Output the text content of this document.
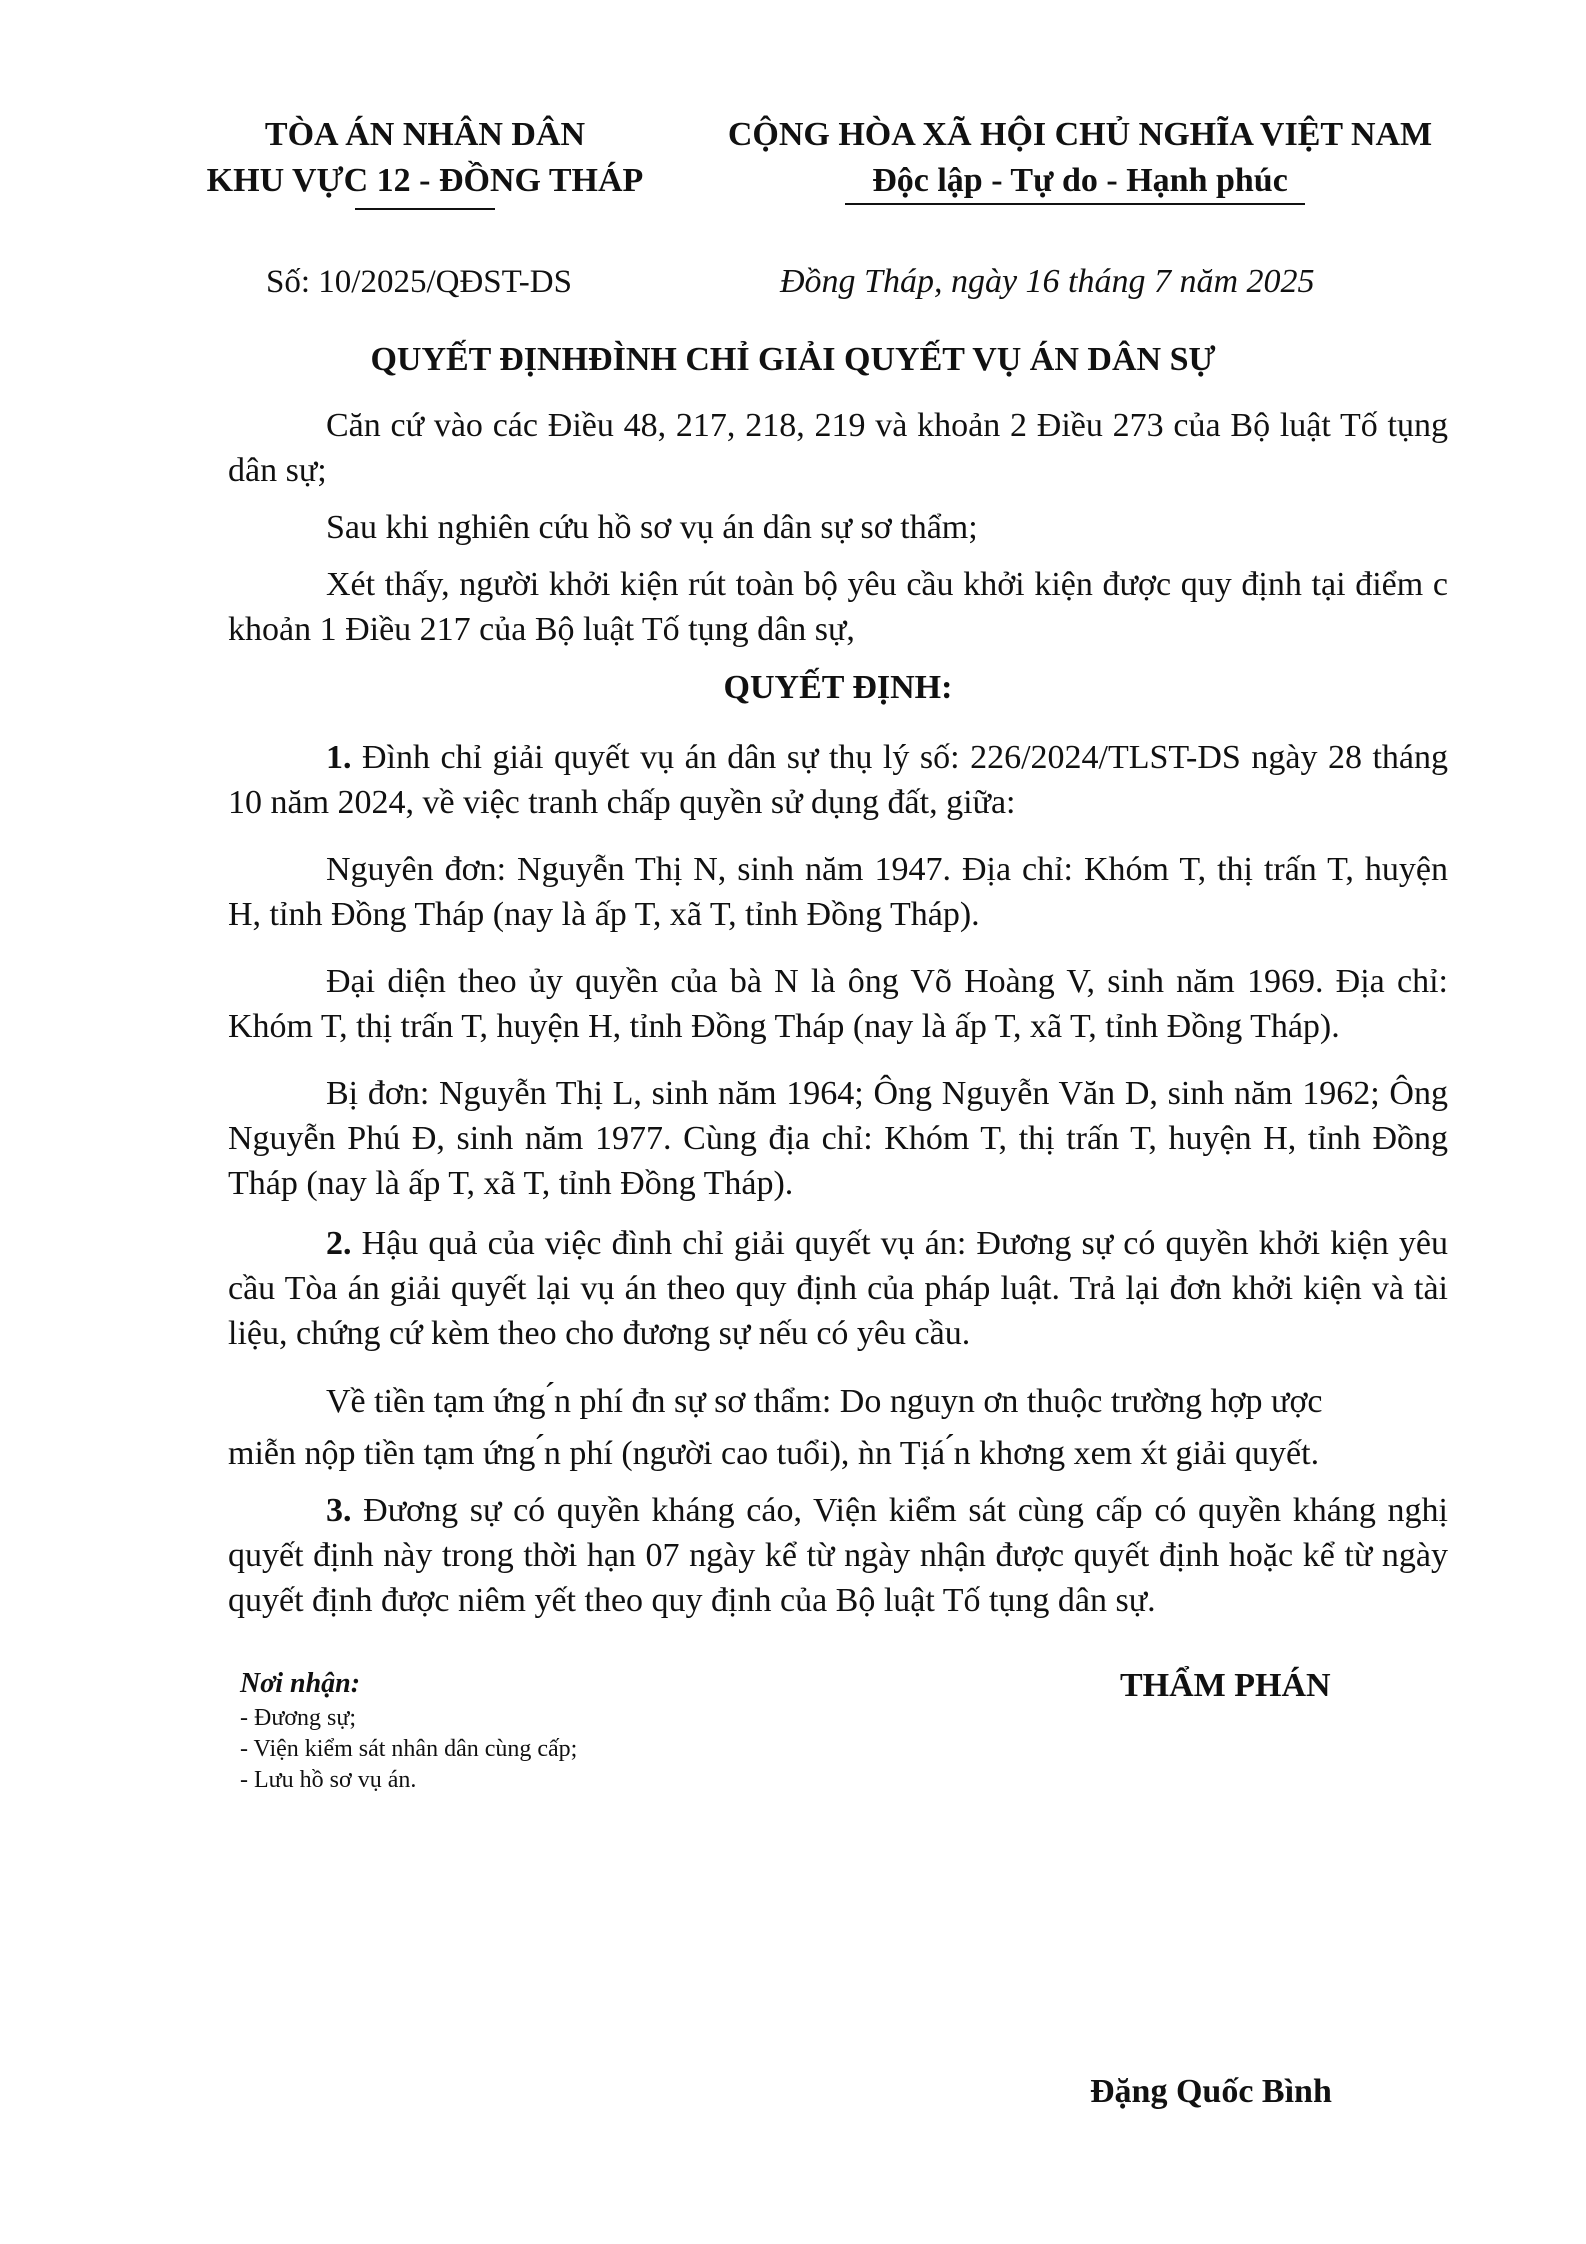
TÒA ÁN NHÂN DÂN
KHU VỰC 12 - ĐỒNG THÁP
CỘNG HÒA XÃ HỘI CHỦ NGHĨA VIỆT NAM
Độc lập - Tự do - Hạnh phúc
Số: 10/2025/QĐST-DS	Đồng Tháp, ngày 16 tháng 7 năm 2025
QUYẾT ĐỊNHĐÌNH CHỈ GIẢI QUYẾT VỤ ÁN DÂN SỰ
Căn cứ vào các Điều 48, 217, 218, 219 và khoản 2 Điều 273 của Bộ luật Tố tụng dân sự;
Sau khi nghiên cứu hồ sơ vụ án dân sự sơ thẩm;
Xét thấy, người khởi kiện rút toàn bộ yêu cầu khởi kiện được quy định tại điểm c khoản 1 Điều 217 của Bộ luật Tố tụng dân sự,
QUYẾT ĐỊNH:
1. Đình chỉ giải quyết vụ án dân sự thụ lý số: 226/2024/TLST-DS ngày 28 tháng 10 năm 2024, về việc tranh chấp quyền sử dụng đất, giữa:
Nguyên đơn: Nguyễn Thị N, sinh năm 1947. Địa chỉ: Khóm T, thị trấn T, huyện H, tỉnh Đồng Tháp (nay là ấp T, xã T, tỉnh Đồng Tháp).
Đại diện theo ủy quyền của bà N là ông Võ Hoàng V, sinh năm 1969. Địa chỉ: Khóm T, thị trấn T, huyện H, tỉnh Đồng Tháp (nay là ấp T, xã T, tỉnh Đồng Tháp).
Bị đơn: Nguyễn Thị L, sinh năm 1964; Ông Nguyễn Văn D, sinh năm 1962; Ông Nguyễn Phú Đ, sinh năm 1977. Cùng địa chỉ: Khóm T, thị trấn T, huyện H, tỉnh Đồng Tháp (nay là ấp T, xã T, tỉnh Đồng Tháp).
2. Hậu quả của việc đình chỉ giải quyết vụ án: Đương sự có quyền khởi kiện yêu cầu Tòa án giải quyết lại vụ án theo quy định của pháp luật. Trả lại đơn khởi kiện và tài liệu, chứng cứ kèm theo cho đương sự nếu có yêu cầu.
Về tiền tạm ứng ́n phí đn sự sơ thẩm: Do nguyn ơn thuộc trường hợp ược
miễn nộp tiền tạm ứng ́n phí (người cao tuổi), ǹn Tịá ́n khơng xem x́t giải quyết.
3. Đương sự có quyền kháng cáo, Viện kiểm sát cùng cấp có quyền kháng nghị quyết định này trong thời hạn 07 ngày kể từ ngày nhận được quyết định hoặc kể từ ngày quyết định được niêm yết theo quy định của Bộ luật Tố tụng dân sự.
Nơi nhận:
- Đương sự;
- Viện kiểm sát nhân dân cùng cấp;
- Lưu hồ sơ vụ án.
THẨM PHÁN
Đặng Quốc Bình
